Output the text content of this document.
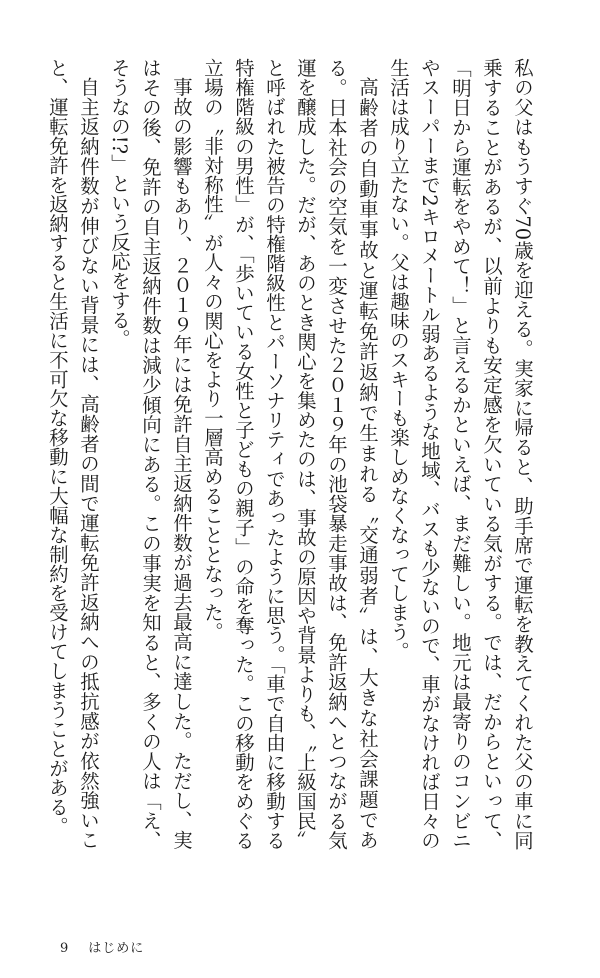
私の父はもうすぐ70歳を迎える。実家に帰ると、助手席で運転を教えてくれた父の車に同乗することがあるが、以前よりも安定感を欠いている気がする。では、だからといって、「明日から運転をやめて！」と言えるかといえば、まだ難しい。地元は最寄りのコンビニやスーパーまで2キロメートル弱あるような地域、バスも少ないので、車がなければ日々の生活は成り立たない。父は趣味のスキーも楽しめなくなってしまう。

高齢者の自動車事故と運転免許返納で生まれる〝交通弱者〟は、大きな社会課題である。日本社会の空気を一変させた２０１９年の池袋暴走事故は、免許返納へとつながる気運を醸成した。だが、あのとき関心を集めたのは、事故の原因や背景よりも、〝上級国民〟と呼ばれた被告の特権階級性とパーソナリティであったように思う。「車で自由に移動する特権階級の男性」が、「歩いている女性と子どもの親子」の命を奪った。この移動をめぐる立場の〝非対称性〟が人々の関心をより一層高めることとなった。

事故の影響もあり、２０１９年には免許自主返納件数が過去最高に達した。ただし、実はその後、免許の自主返納件数は減少傾向にある。この事実を知ると、多くの人は「え、そうなの!?」という反応をする。

自主返納件数が伸びない背景には、高齢者の間で運転免許返納への抵抗感が依然強いこと、運転免許を返納すると生活に不可欠な移動に大幅な制約を受けてしまうことがある。

9 はじめに
